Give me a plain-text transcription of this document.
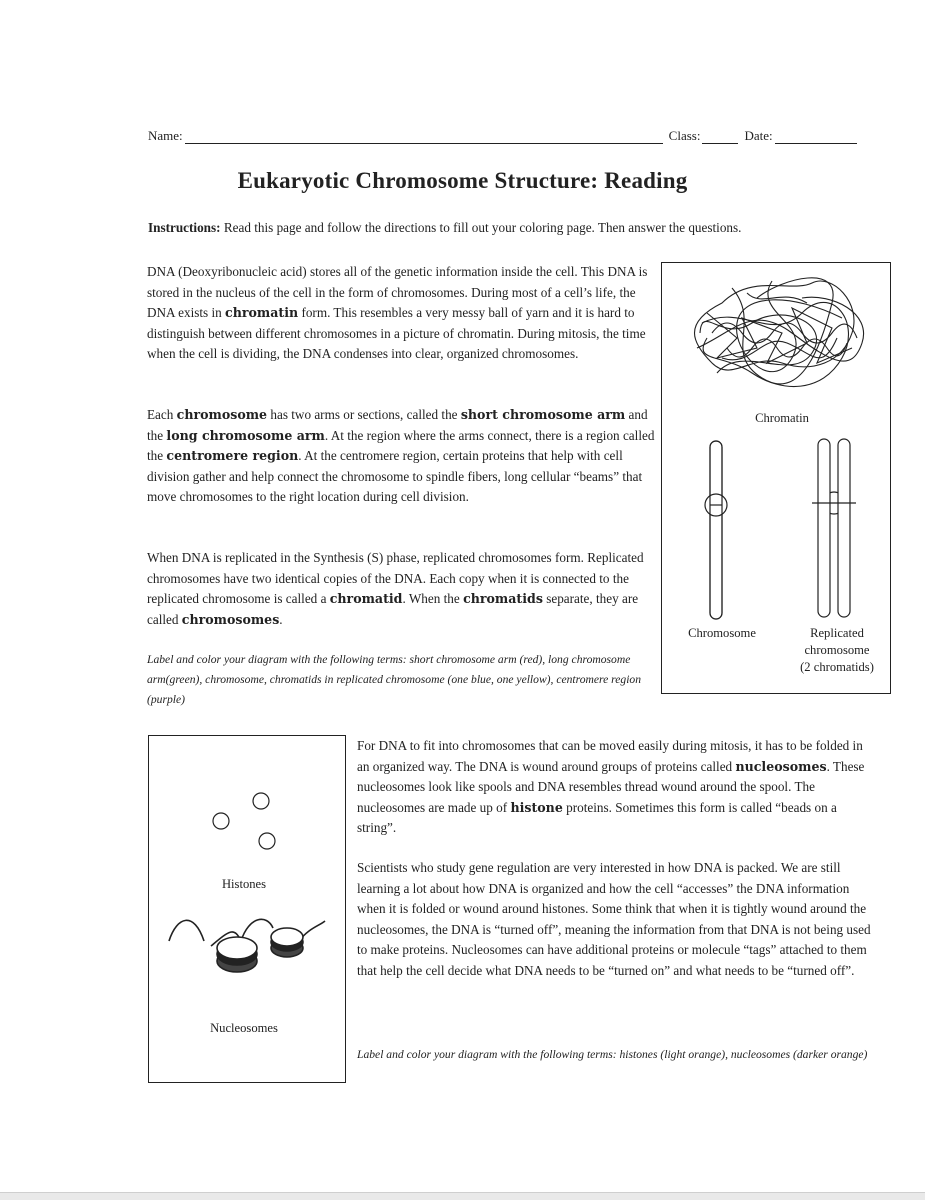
Name:	Class:	Date:
Eukaryotic Chromosome Structure: Reading
Instructions: Read this page and follow the directions to fill out your coloring page. Then answer the questions.
DNA (Deoxyribonucleic acid) stores all of the genetic information inside the cell. This DNA is stored in the nucleus of the cell in the form of chromosomes. During most of a cell’s life, the DNA exists in chromatin form. This resembles a very messy ball of yarn and it is hard to distinguish between different chromosomes in a picture of chromatin. During mitosis, the time when the cell is dividing, the DNA condenses into clear, organized chromosomes.
Each chromosome has two arms or sections, called the short chromosome arm and the long chromosome arm. At the region where the arms connect, there is a region called the centromere region. At the centromere region, certain proteins that help with cell division gather and help connect the chromosome to spindle fibers, long cellular “beams” that move chromosomes to the right location during cell division.
When DNA is replicated in the Synthesis (S) phase, replicated chromosomes form. Replicated chromosomes have two identical copies of the DNA. Each copy when it is connected to the replicated chromosome is called a chromatid. When the chromatids separate, they are called chromosomes.
Label and color your diagram with the following terms: short chromosome arm (red), long chromosome arm(green), chromosome, chromatids in replicated chromosome (one blue, one yellow), centromere region (purple)
Chromatin
Chromosome	Replicated
chromosome
(2 chromatids)
Histones
Nucleosomes
For DNA to fit into chromosomes that can be moved easily during mitosis, it has to be folded in an organized way. The DNA is wound around groups of proteins called nucleosomes. These nucleosomes look like spools and DNA resembles thread wound around the spool. The nucleosomes are made up of histone proteins. Sometimes this form is called “beads on a string”.
Scientists who study gene regulation are very interested in how DNA is packed. We are still learning a lot about how DNA is organized and how the cell “accesses” the DNA information when it is folded or wound around histones. Some think that when it is tightly wound around the nucleosomes, the DNA is “turned off”, meaning the information from that DNA is not being used to make proteins. Nucleosomes can have additional proteins or molecule “tags” attached to them that help the cell decide what DNA needs to be “turned on” and what needs to be “turned off”.
Label and color your diagram with the following terms: histones (light orange), nucleosomes (darker orange)
